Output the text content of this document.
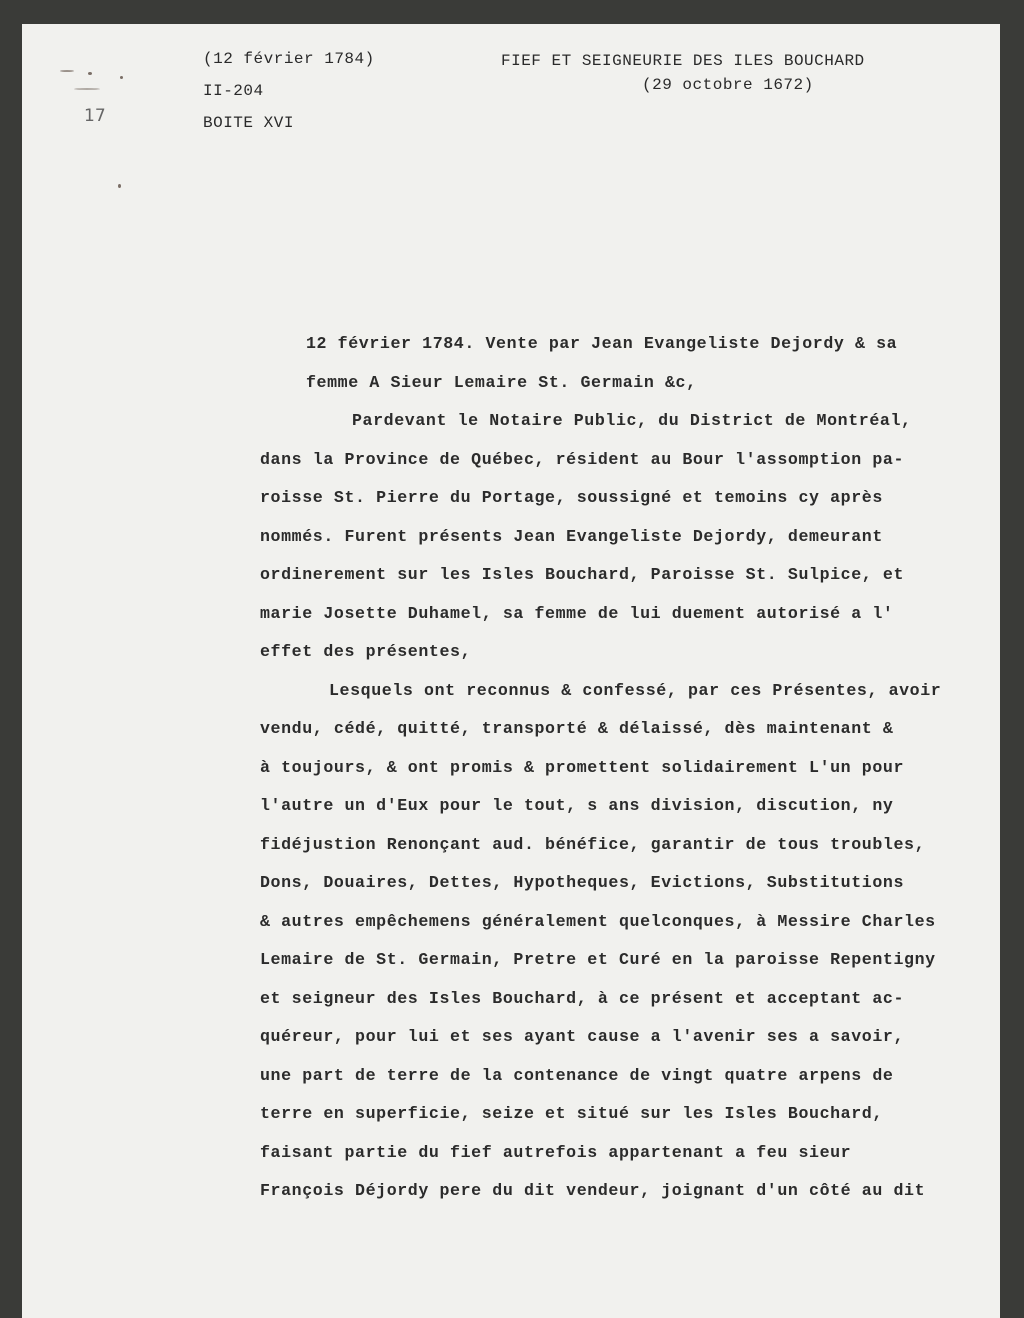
17
(12 février 1784)
II-204
BOITE XVI
FIEF ET SEIGNEURIE DES ILES BOUCHARD
(29 octobre 1672)
12 février 1784. Vente par Jean Evangeliste Dejordy & sa
femme A Sieur Lemaire St. Germain &c,
Pardevant le Notaire Public, du District de Montréal,
dans la Province de Québec, résident au Bour l'assomption pa-
roisse St. Pierre du Portage, soussigné et temoins cy après
nommés. Furent présents Jean Evangeliste Dejordy, demeurant
ordinerement sur les Isles Bouchard, Paroisse St. Sulpice, et
marie Josette Duhamel, sa femme de lui duement autorisé a l'
effet des présentes,
Lesquels ont reconnus & confessé, par ces Présentes, avoir
vendu, cédé, quitté, transporté & délaissé, dès maintenant &
à toujours, & ont promis & promettent solidairement L'un pour
l'autre un d'Eux pour le tout, s ans division, discution, ny
fidéjustion Renonçant aud. bénéfice, garantir de tous troubles,
Dons, Douaires, Dettes, Hypotheques, Evictions, Substitutions
& autres empêchemens généralement quelconques, à Messire Charles
Lemaire de St. Germain, Pretre et Curé en la paroisse Repentigny
et seigneur des Isles Bouchard, à ce présent et acceptant ac-
quéreur, pour lui et ses ayant cause a l'avenir ses a savoir,
une part de terre de la contenance de vingt quatre arpens de
terre en superficie, seize et situé sur les Isles Bouchard,
faisant partie du fief autrefois appartenant a feu sieur
François Déjordy pere du dit vendeur, joignant d'un côté au dit
